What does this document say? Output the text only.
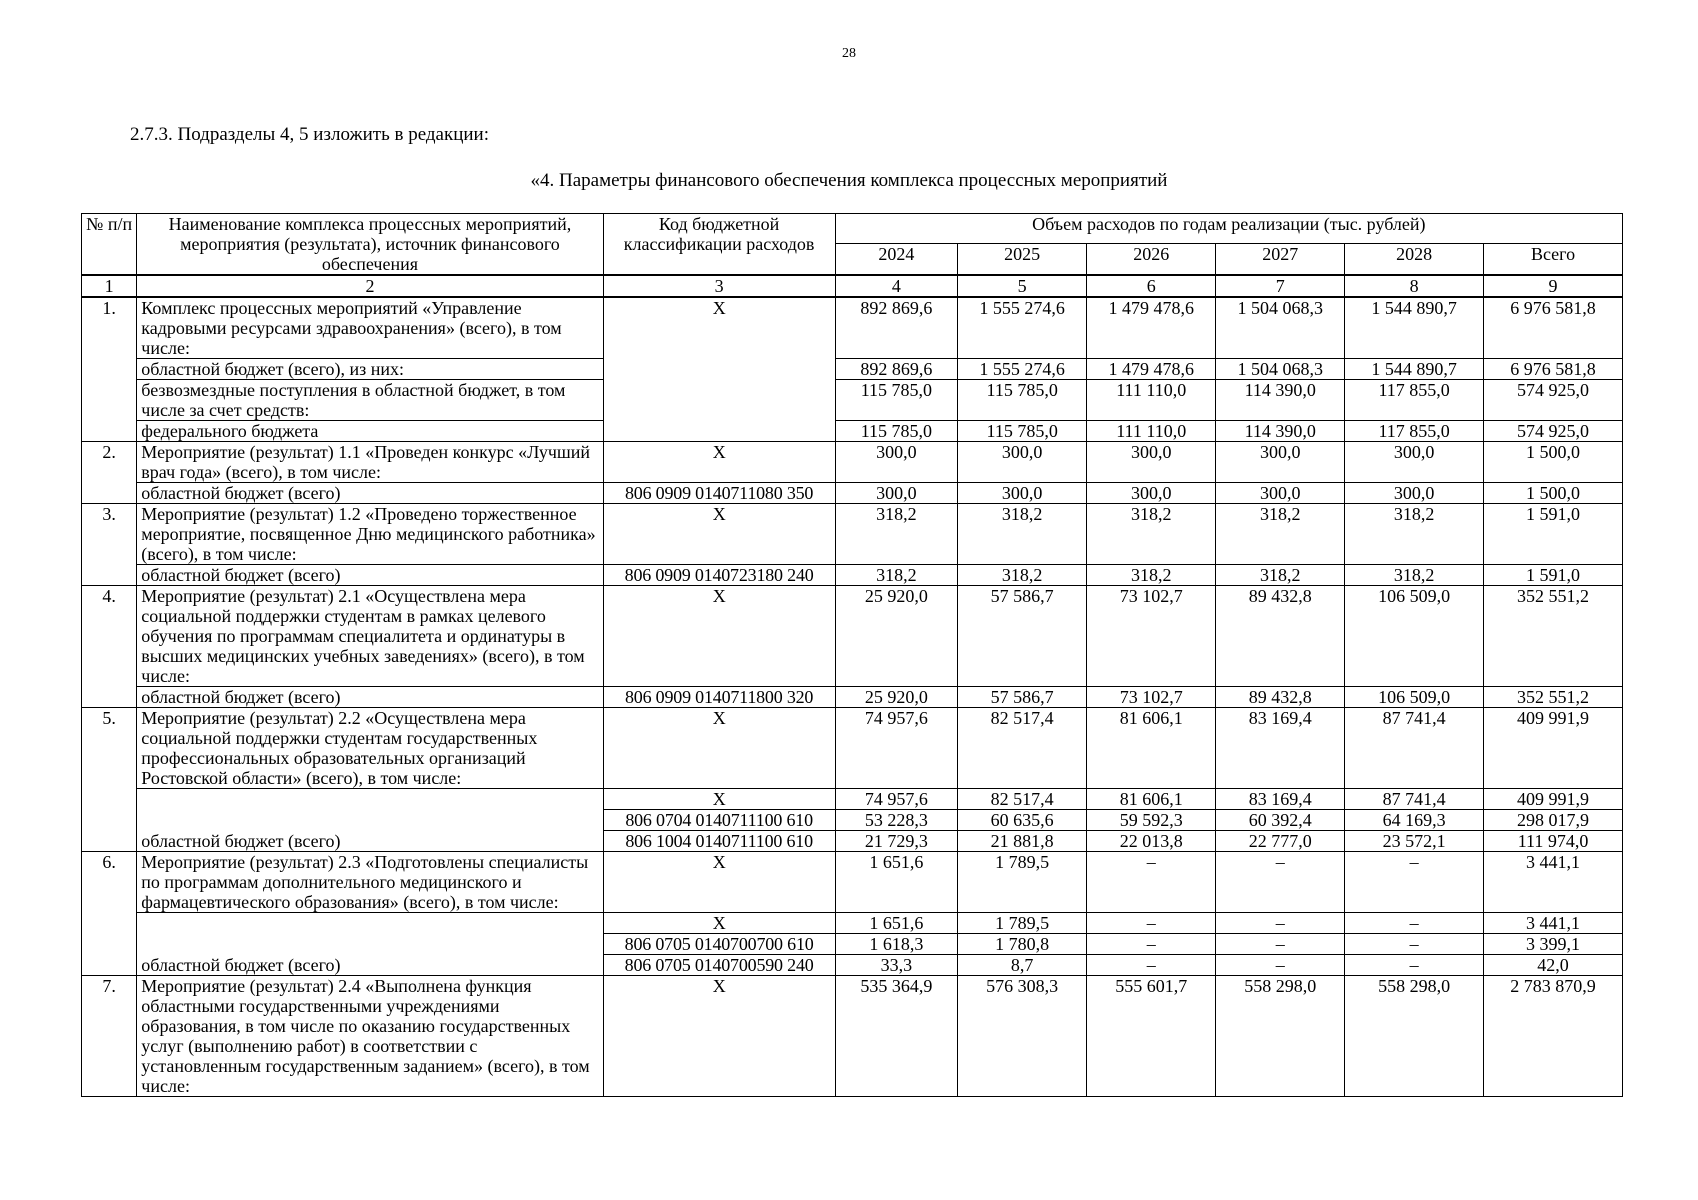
28
2.7.3. Подразделы 4, 5 изложить в редакции:
«4. Параметры финансового обеспечения комплекса процессных мероприятий
№ п/п	Наименование комплекса процессных мероприятий, мероприятия (результата), источник финансового обеспечения	Код бюджетной классификации расходов	Объем расходов по годам реализации (тыс. рублей)					
			2024	2025	2026	2027	2028	Всего
1	2	3	4	5	6	7	8	9
1.	Комплекс процессных мероприятий «Управление кадровыми ресурсами здравоохранения» (всего), в том числе:	Х	892 869,6	1 555 274,6	1 479 478,6	1 504 068,3	1 544 890,7	6 976 581,8
	областной бюджет (всего), из них:		892 869,6	1 555 274,6	1 479 478,6	1 504 068,3	1 544 890,7	6 976 581,8
	безвозмездные поступления в областной бюджет, в том числе за счет средств:		115 785,0	115 785,0	111 110,0	114 390,0	117 855,0	574 925,0
	федерального бюджета		115 785,0	115 785,0	111 110,0	114 390,0	117 855,0	574 925,0
2.	Мероприятие (результат) 1.1 «Проведен конкурс «Лучший врач года» (всего), в том числе:	Х	300,0	300,0	300,0	300,0	300,0	1 500,0
	областной бюджет (всего)	806 0909 0140711080 350	300,0	300,0	300,0	300,0	300,0	1 500,0
3.	Мероприятие (результат) 1.2 «Проведено торжественное мероприятие, посвященное Дню медицинского работника» (всего), в том числе:	Х	318,2	318,2	318,2	318,2	318,2	1 591,0
	областной бюджет (всего)	806 0909 0140723180 240	318,2	318,2	318,2	318,2	318,2	1 591,0
4.	Мероприятие (результат) 2.1 «Осуществлена мера социальной поддержки студентам в рамках целевого обучения по программам специалитета и ординатуры в высших медицинских учебных заведениях» (всего), в том числе:	Х	25 920,0	57 586,7	73 102,7	89 432,8	106 509,0	352 551,2
	областной бюджет (всего)	806 0909 0140711800 320	25 920,0	57 586,7	73 102,7	89 432,8	106 509,0	352 551,2
5.	Мероприятие (результат) 2.2 «Осуществлена мера социальной поддержки студентам государственных профессиональных образовательных организаций Ростовской области» (всего), в том числе:	Х	74 957,6	82 517,4	81 606,1	83 169,4	87 741,4	409 991,9
	областной бюджет (всего)	Х	74 957,6	82 517,4	81 606,1	83 169,4	87 741,4	409 991,9
		806 0704 0140711100 610	53 228,3	60 635,6	59 592,3	60 392,4	64 169,3	298 017,9
		806 1004 0140711100 610	21 729,3	21 881,8	22 013,8	22 777,0	23 572,1	111 974,0
6.	Мероприятие (результат) 2.3 «Подготовлены специалисты по программам дополнительного медицинского и фармацевтического образования» (всего), в том числе:	Х	1 651,6	1 789,5	–	–	–	3 441,1
	областной бюджет (всего)	Х	1 651,6	1 789,5	–	–	–	3 441,1
		806 0705 0140700700 610	1 618,3	1 780,8	–	–	–	3 399,1
		806 0705 0140700590 240	33,3	8,7	–	–	–	42,0
7.	Мероприятие (результат) 2.4 «Выполнена функция областными государственными учреждениями образования, в том числе по оказанию государственных услуг (выполнению работ) в соответствии с установленным государственным заданием» (всего), в том числе:	Х	535 364,9	576 308,3	555 601,7	558 298,0	558 298,0	2 783 870,9
